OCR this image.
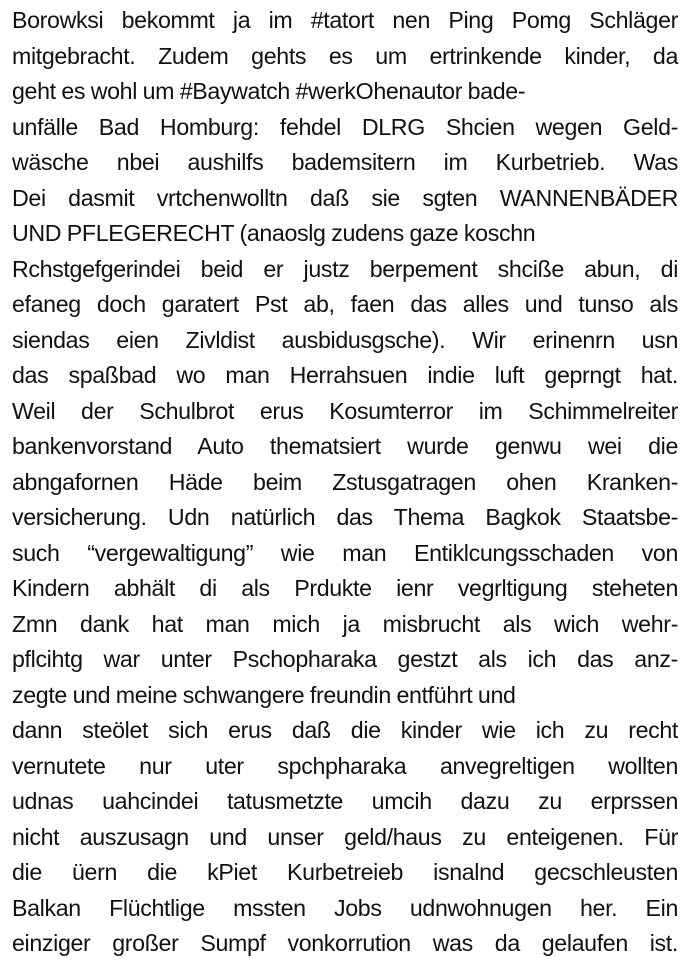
Borowksi bekommt ja im #tatort nen Ping Pomg Schläger
mitgebracht. Zudem gehts es um ertrinkende kinder, da
geht es wohl um #Baywatch #werkOhenautor bade-
unfälle Bad Homburg: fehdel DLRG Shcien wegen Geld-
wäsche nbei aushilfs bademsitern im Kurbetrieb. Was
Dei dasmit vrtchenwolltn daß sie sgten WANNENBÄDER
UND PFLEGERECHT (anaoslg zudens gaze koschn
Rchstgefgerindei beid er justz berpement shciße abun, di
efaneg doch garatert Pst ab, faen das alles und tunso als
siendas eien Zivldist ausbidusgsche). Wir erinenrn usn
das spaßbad wo man Herrahsuen indie luft geprngt hat.
Weil der Schulbrot erus Kosumterror im Schimmelreiter
bankenvorstand Auto thematsiert wurde genwu wei die
abngafornen Häde beim Zstusgatragen ohen Kranken-
versicherung. Udn natürlich das Thema Bagkok Staatsbe-
such “vergewaltigung” wie man Entiklcungsschaden von
Kindern abhält di als Prdukte ienr vegrltigung steheten
Zmn dank hat man mich ja misbrucht als wich wehr-
pflcihtg war unter Pschopharaka gestzt als ich das anz-
zegte und meine schwangere freundin entführt und
dann steölet sich erus daß die kinder wie ich zu recht
vernutete nur uter spchpharaka anvegreltigen wollten
udnas uahcindei tatusmetzte umcih dazu zu erprssen
nicht auszusagn und unser geld/haus zu enteigenen. Für
die üern die kPiet Kurbetreieb isnalnd gecschleusten
Balkan Flüchtlige mssten Jobs udnwohnugen her. Ein
einziger großer Sumpf vonkorrution was da gelaufen ist.
